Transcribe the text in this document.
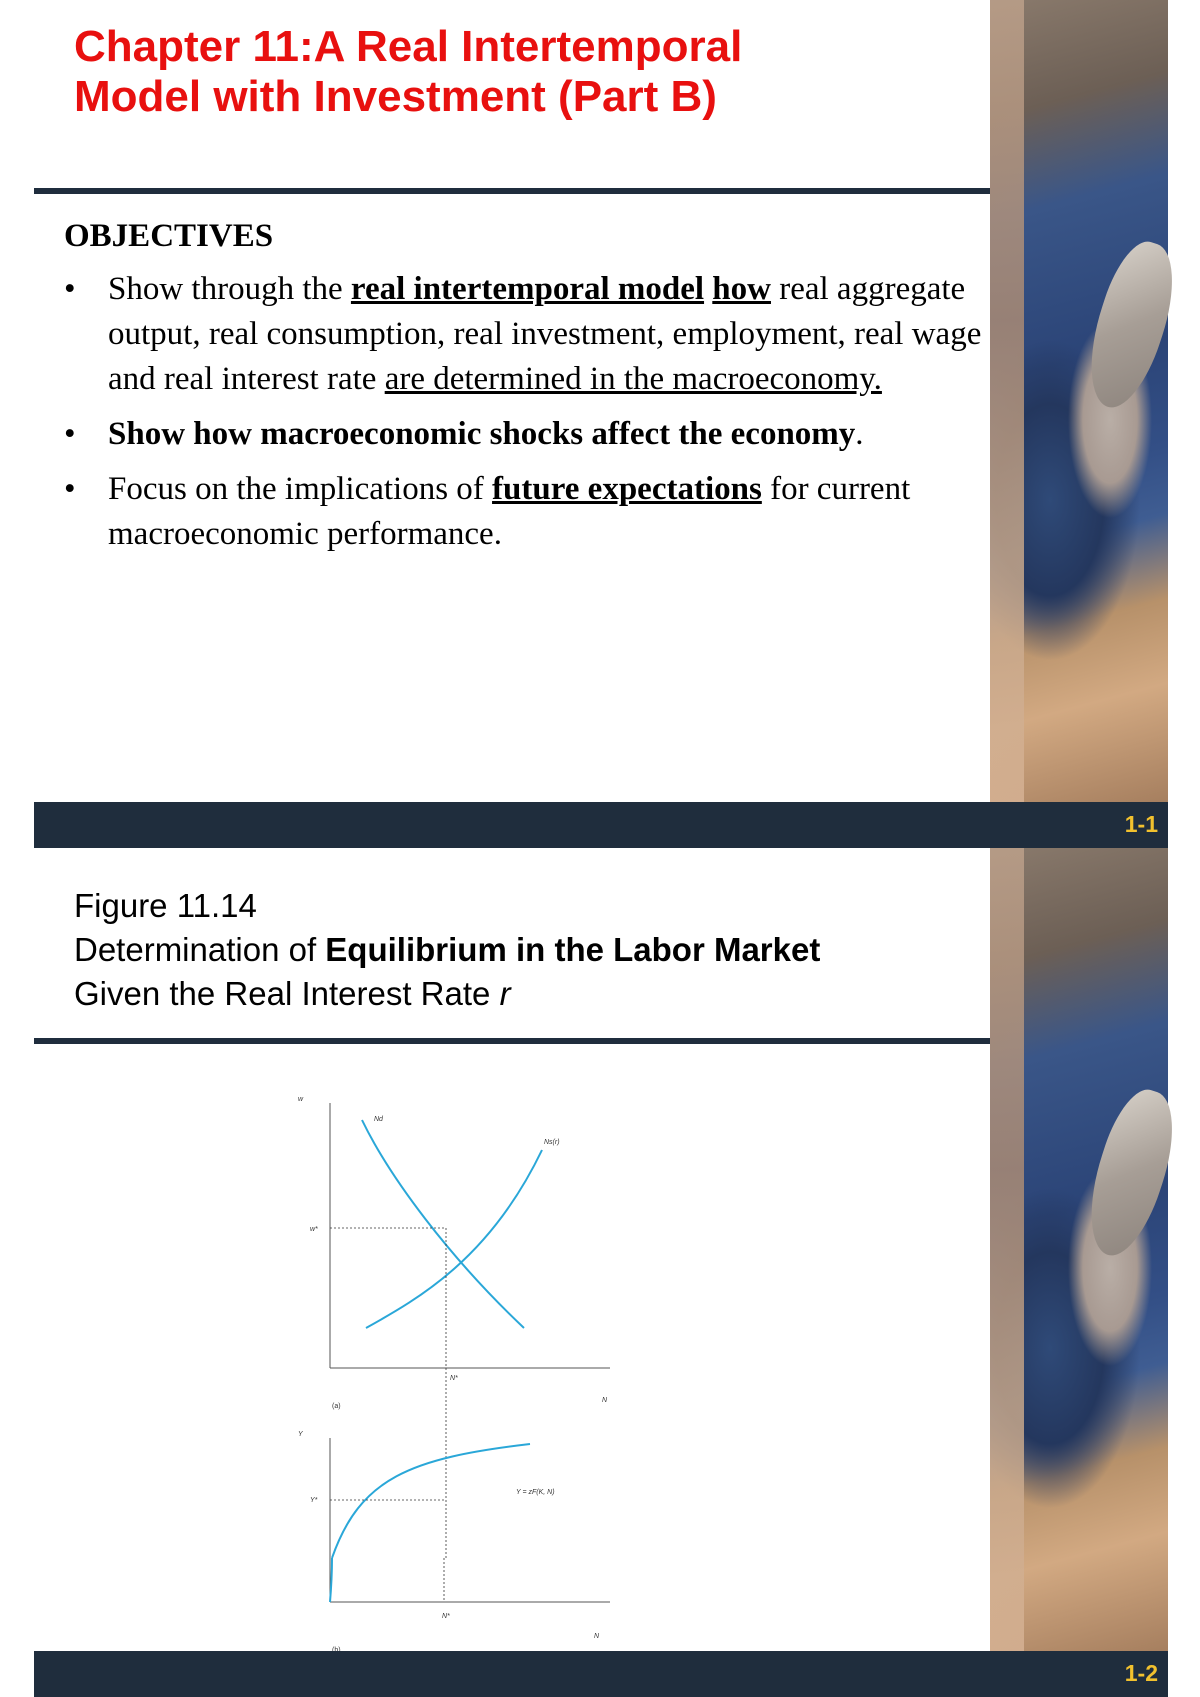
Chapter 11:A Real Intertemporal
Model with Investment (Part B)
OBJECTIVES
• Show through the real intertemporal model how real aggregate output, real consumption, real investment, employment, real wage and real interest rate are determined in the macroeconomy.
• Show how macroeconomic shocks affect the economy.
• Focus on the implications of future expectations for current macroeconomic performance.
1-1
Figure 11.14
Determination of Equilibrium in the Labor Market
Given the Real Interest Rate r
w
N
Nd
Ns(r)
w*
N*
(a)
Y
Y*
Y = zF(K, N)
N*
N
1-2
